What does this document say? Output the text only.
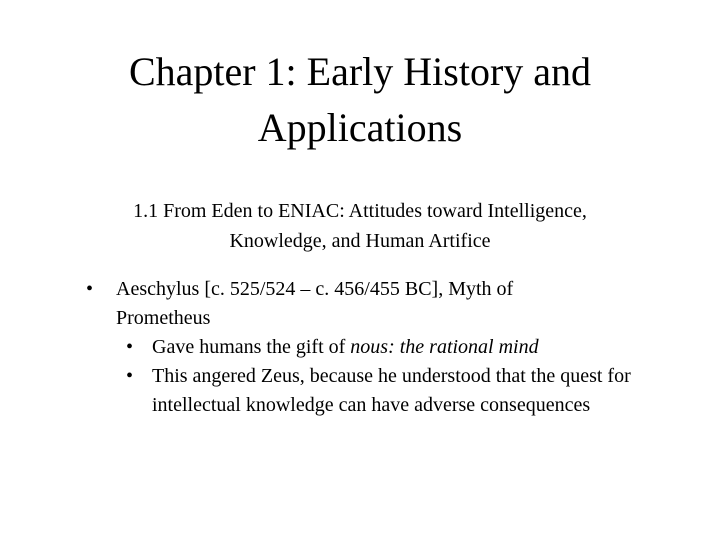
Chapter 1: Early History and
Applications

1.1 From Eden to ENIAC: Attitudes toward Intelligence,
Knowledge, and Human Artifice

• Aeschylus [c. 525/524 – c. 456/455 BC], Myth of
Prometheus
• Gave humans the gift of nous: the rational mind
• This angered Zeus, because he understood that the quest for intellectual knowledge can have adverse consequences
